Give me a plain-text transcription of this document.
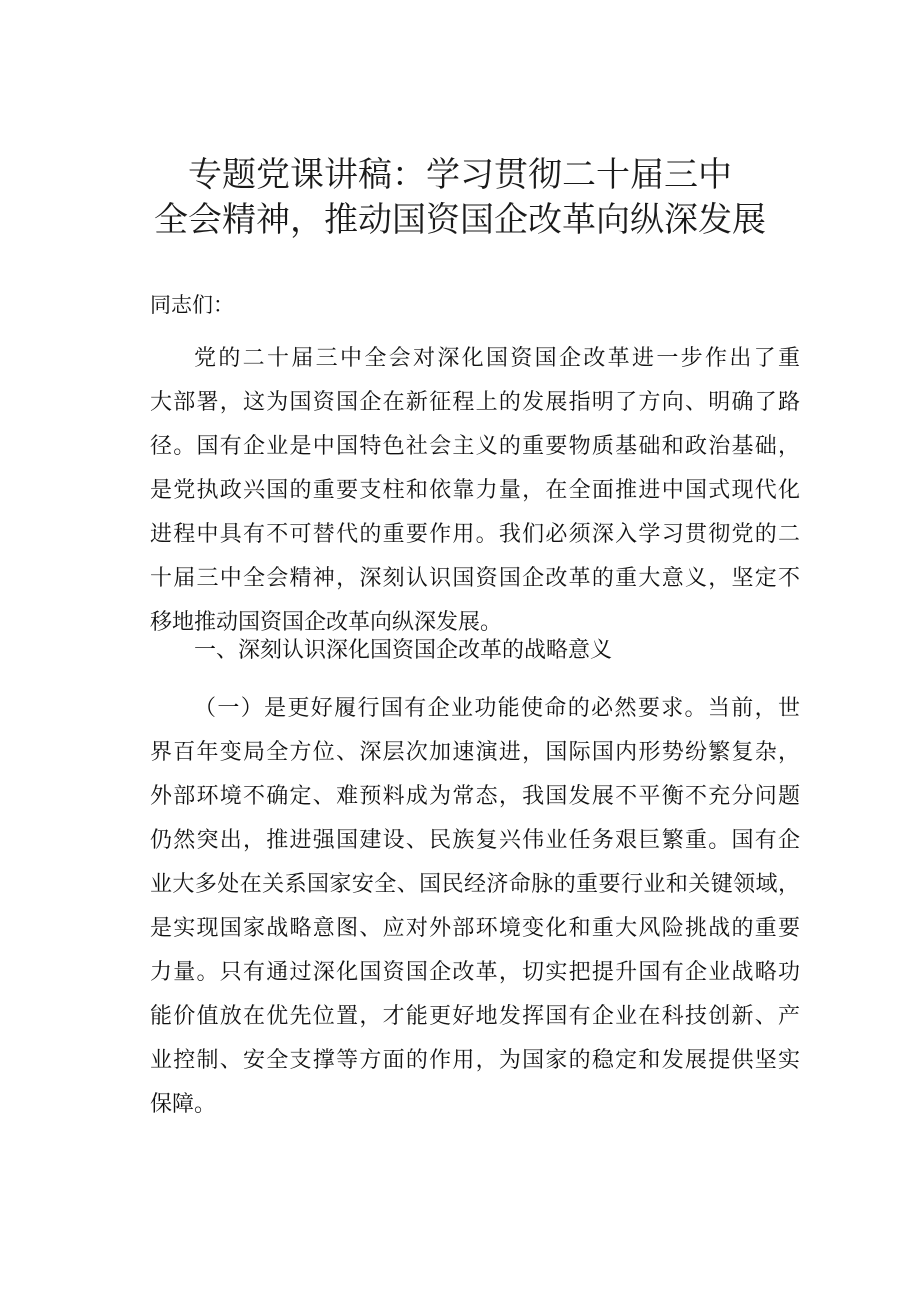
专题党课讲稿：学习贯彻二十届三中
全会精神，推动国资国企改革向纵深发展
同志们：
党的二十届三中全会对深化国资国企改革进一步作出了重
大部署，这为国资国企在新征程上的发展指明了方向、明确了路
径。国有企业是中国特色社会主义的重要物质基础和政治基础，
是党执政兴国的重要支柱和依靠力量，在全面推进中国式现代化
进程中具有不可替代的重要作用。我们必须深入学习贯彻党的二
十届三中全会精神，深刻认识国资国企改革的重大意义，坚定不
移地推动国资国企改革向纵深发展。
一、深刻认识深化国资国企改革的战略意义
（一）是更好履行国有企业功能使命的必然要求。当前，世
界百年变局全方位、深层次加速演进，国际国内形势纷繁复杂，
外部环境不确定、难预料成为常态，我国发展不平衡不充分问题
仍然突出，推进强国建设、民族复兴伟业任务艰巨繁重。国有企
业大多处在关系国家安全、国民经济命脉的重要行业和关键领域，
是实现国家战略意图、应对外部环境变化和重大风险挑战的重要
力量。只有通过深化国资国企改革，切实把提升国有企业战略功
能价值放在优先位置，才能更好地发挥国有企业在科技创新、产
业控制、安全支撑等方面的作用，为国家的稳定和发展提供坚实
保障。
